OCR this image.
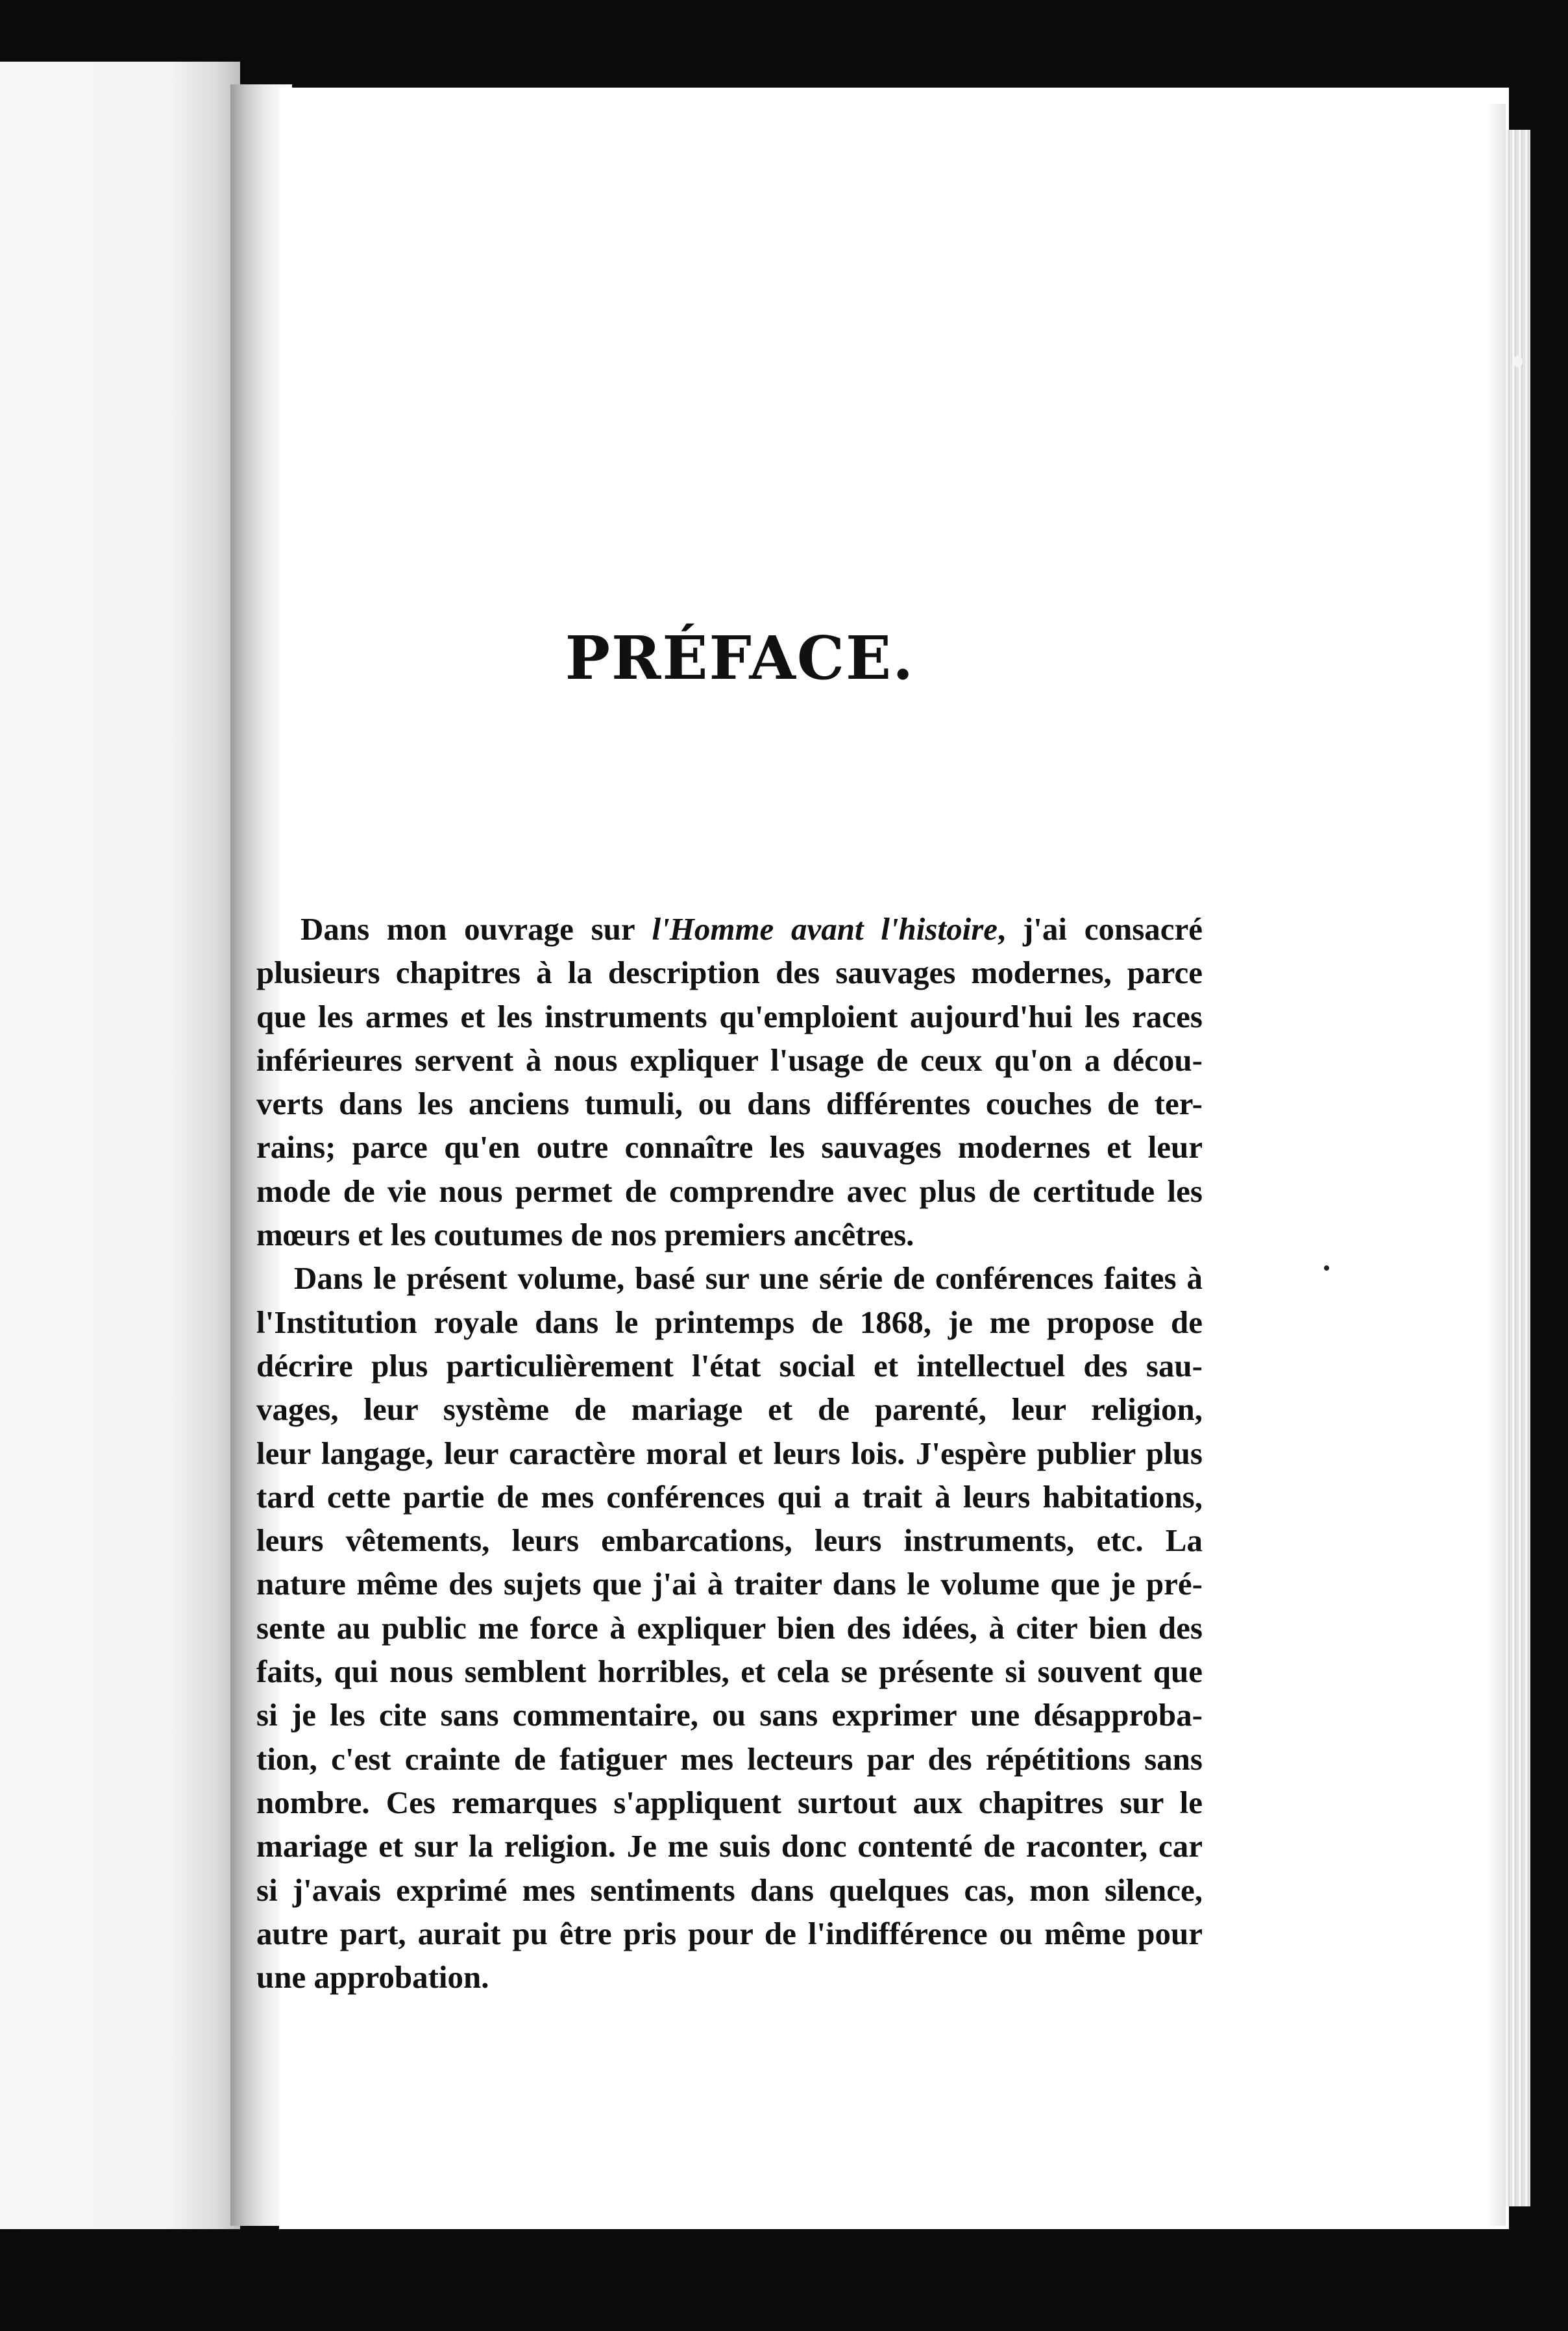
PRÉFACE.

Dans mon ouvrage sur l'Homme avant l'histoire, j'ai consacré

plusieurs chapitres à la description des sauvages modernes, parce
que les armes et les instruments qu'emploient aujourd'hui les races
inférieures servent à nous expliquer l'usage de ceux qu'on a décou-
verts dans les anciens tumuli, ou dans différentes couches de ter-
rains; parce qu'en outre connaître les sauvages modernes et leur
mode de vie nous permet de comprendre avec plus de certitude les
mœurs et les coutumes de nos premiers ancêtres.
Dans le présent volume, basé sur une série de conférences faites à
l'Institution royale dans le printemps de 1868, je me propose de
décrire plus particulièrement l'état social et intellectuel des sau-
vages, leur système de mariage et de parenté, leur religion,
leur langage, leur caractère moral et leurs lois. J'espère publier plus
tard cette partie de mes conférences qui a trait à leurs habitations,
leurs vêtements, leurs embarcations, leurs instruments, etc. La
nature même des sujets que j'ai à traiter dans le volume que je pré-
sente au public me force à expliquer bien des idées, à citer bien des
faits, qui nous semblent horribles, et cela se présente si souvent que
si je les cite sans commentaire, ou sans exprimer une désapproba-
tion, c'est crainte de fatiguer mes lecteurs par des répétitions sans
nombre. Ces remarques s'appliquent surtout aux chapitres sur le
mariage et sur la religion. Je me suis donc contenté de raconter, car
si j'avais exprimé mes sentiments dans quelques cas, mon silence,
autre part, aurait pu être pris pour de l'indifférence ou même pour
une approbation.
